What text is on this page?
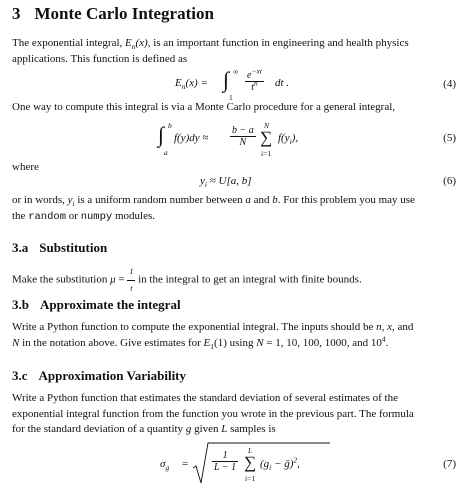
3 Monte Carlo Integration
The exponential integral, $E_n(x)$, is an important function in engineering and health physics applications. This function is defined as
$E_n(x)$ = ∫ ∞
1
$\frac{e^{-xt}}{t^n}$ dt .	(4)
One way to compute this integral is via a Monte Carlo procedure for a general integral,
∫ b
a
$f(y)dy \approx \frac{b - a}{N}$ N
∑
i=1
$f(y_i)$,	(5)
where
$y_i \approx U[a$, b]	(6)
or in words, $y_i$ is a uniform random number between a and b. For this problem you may use
the random or numpy modules.
3.a Substitution
Make the substitution $\mu = \frac{1}{t}$ in the integral to get an integral with finite bounds.
3.b Approximate the integral
Write a Python function to compute the exponential integral. The inputs should be n, x, and
N in the notation above. Give estimates for $E_1(1)$ using N = 1, 10, 100, 1000, and $10^4$.
3.c Approximation Variability
Write a Python function that estimates the standard deviation of several estimates of the
exponential integral function from the function you wrote in the previous part. The formula
for the standard deviation of a quantity g given L samples is
$\sigma_g = \frac{1}{L - 1}$ L
∑
i=1
($g_i$ − ḡ)$^2$,	(7)
